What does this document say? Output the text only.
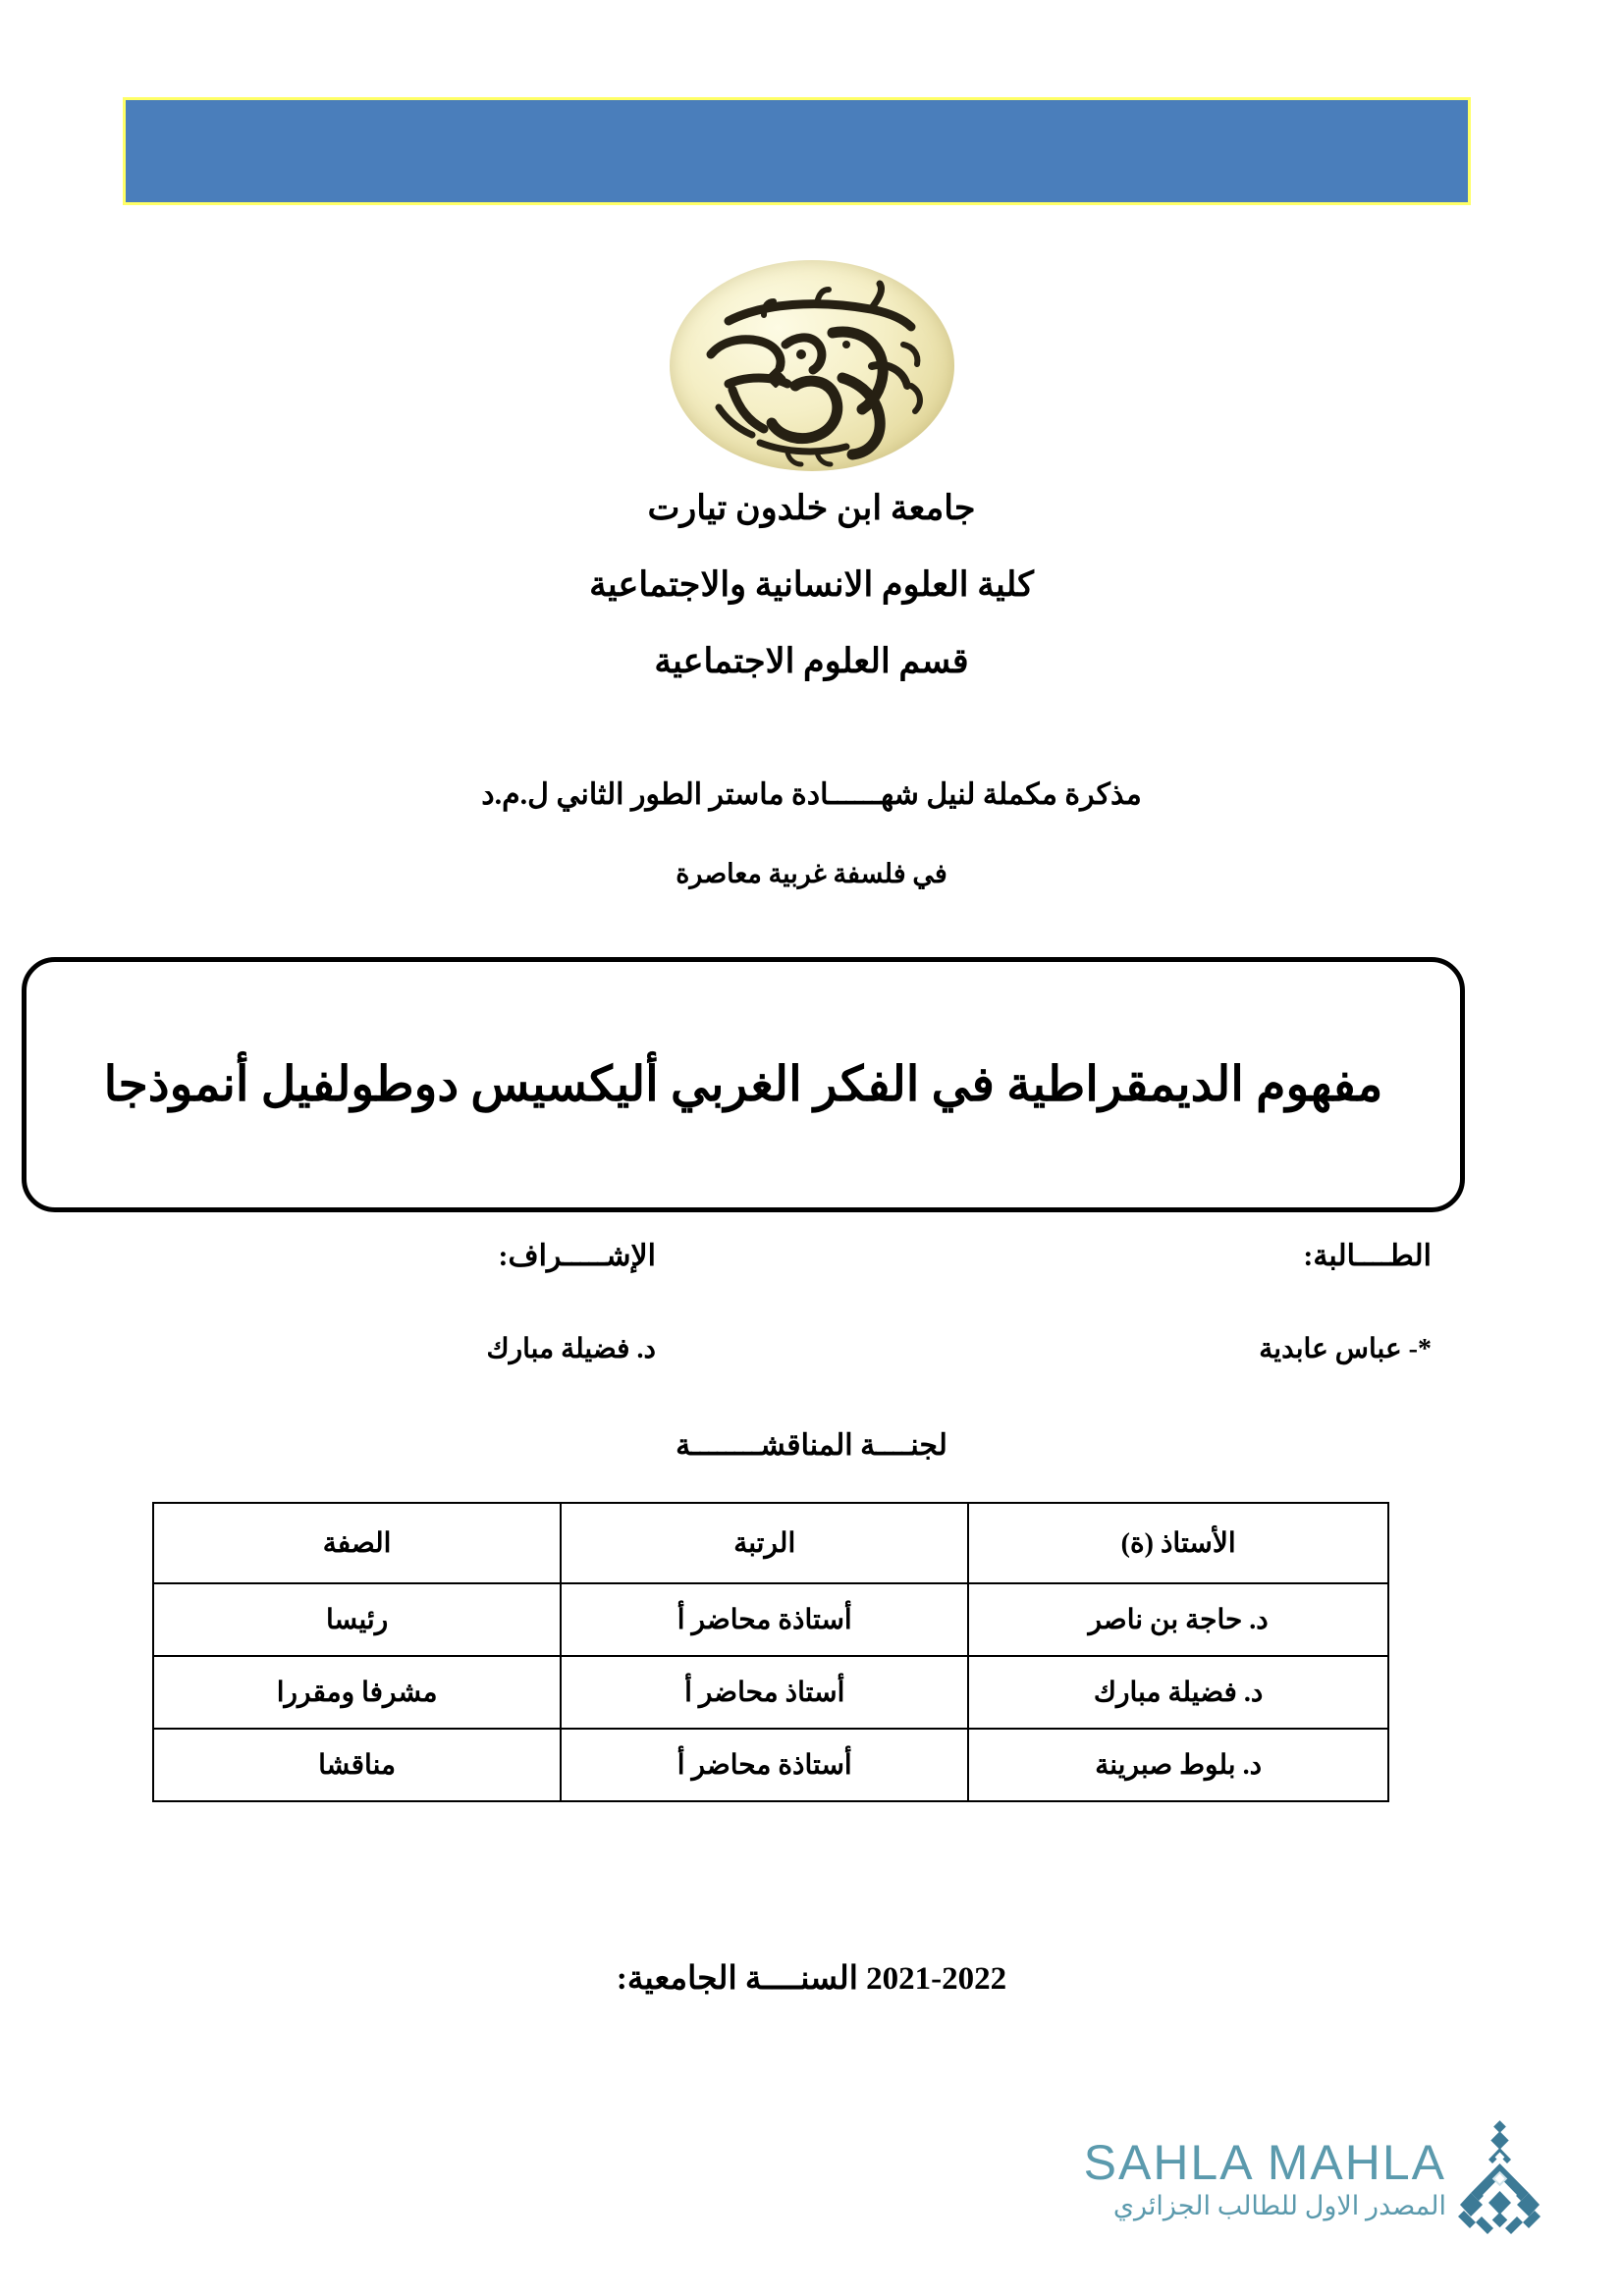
جامعة ابن خلدون تيارت
كلية العلوم الانسانية والاجتماعية
قسم العلوم الاجتماعية
مذكرة مكملة لنيل شهــــــادة ماستر الطور الثاني ل.م.د
في فلسفة غربية معاصرة
مفهوم الديمقراطية في الفكر الغربي أليكسيس دوطولفيل أنموذجا
الطــــالبة:
*- عباس عابدية
الإشـــــراف:
د. فضيلة مبارك
لجنــــة المناقشــــــــة
الأستاذ (ة)	الرتبة	الصفة
د. حاجة بن ناصر	أستاذة محاضر أ	رئيسا
د. فضيلة مبارك	أستاذ محاضر أ	مشرفا ومقررا
د. بلوط صبرينة	أستاذة محاضر أ	مناقشا
2021-2022 السنــــة الجامعية:
SAHLA MAHLA
المصدر الاول للطالب الجزائري
